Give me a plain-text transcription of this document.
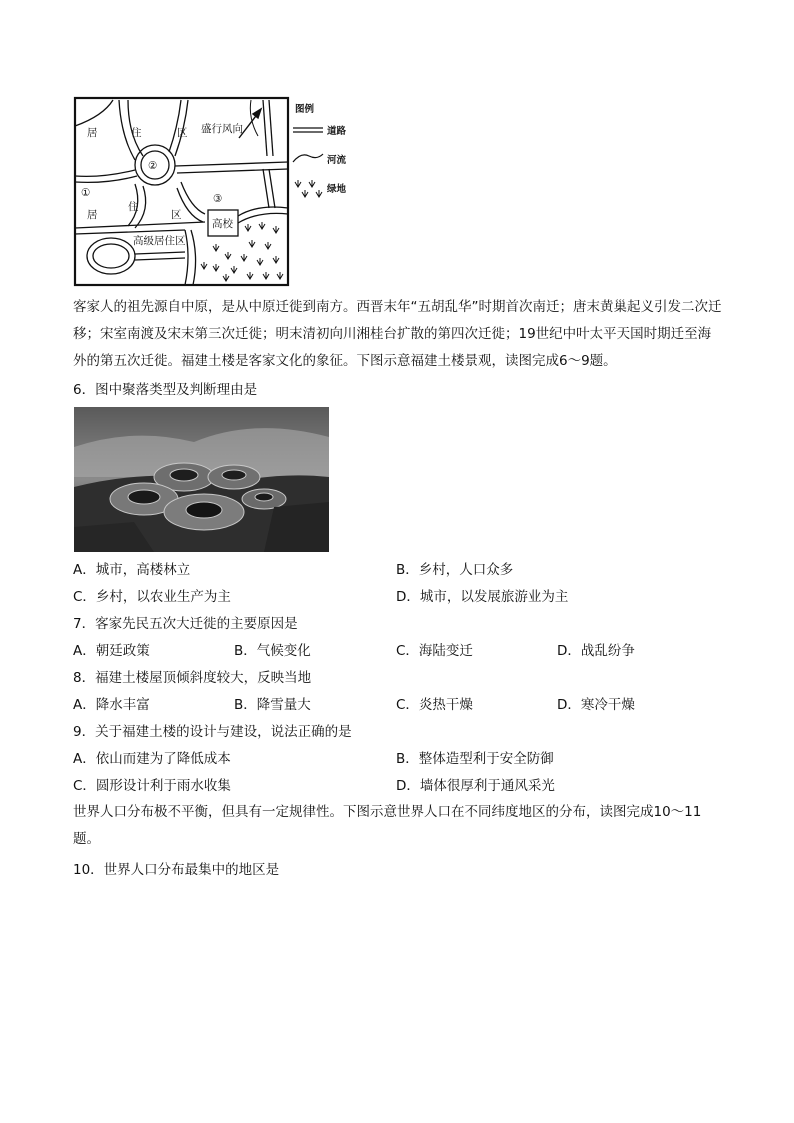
居	住	区 盛行风向
②
①	③
居
住
区
高校
高级居住区
图例
道路
河流
绿地
客家人的祖先源自中原，是从中原迁徙到南方。西晋末年“五胡乱华”时期首次南迁；唐末黄巢起义引发二次迁移；宋室南渡及宋末第三次迁徙；明末清初向川湘桂台扩散的第四次迁徙；19世纪中叶太平天国时期迁至海外的第五次迁徙。福建土楼是客家文化的象征。下图示意福建土楼景观，读图完成6～9题。
6．图中聚落类型及判断理由是
A．城市，高楼林立	B．乡村，人口众多
C．乡村，以农业生产为主	D．城市，以发展旅游业为主
7．客家先民五次大迁徙的主要原因是
A．朝廷政策	B．气候变化	C．海陆变迁	D．战乱纷争
8．福建土楼屋顶倾斜度较大，反映当地
A．降水丰富	B．降雪量大	C．炎热干燥	D．寒冷干燥
9．关于福建土楼的设计与建设，说法正确的是
A．依山而建为了降低成本	B．整体造型利于安全防御
C．圆形设计利于雨水收集	D．墙体很厚利于通风采光
世界人口分布极不平衡，但具有一定规律性。下图示意世界人口在不同纬度地区的分布，读图完成10～11题。
10．世界人口分布最集中的地区是
